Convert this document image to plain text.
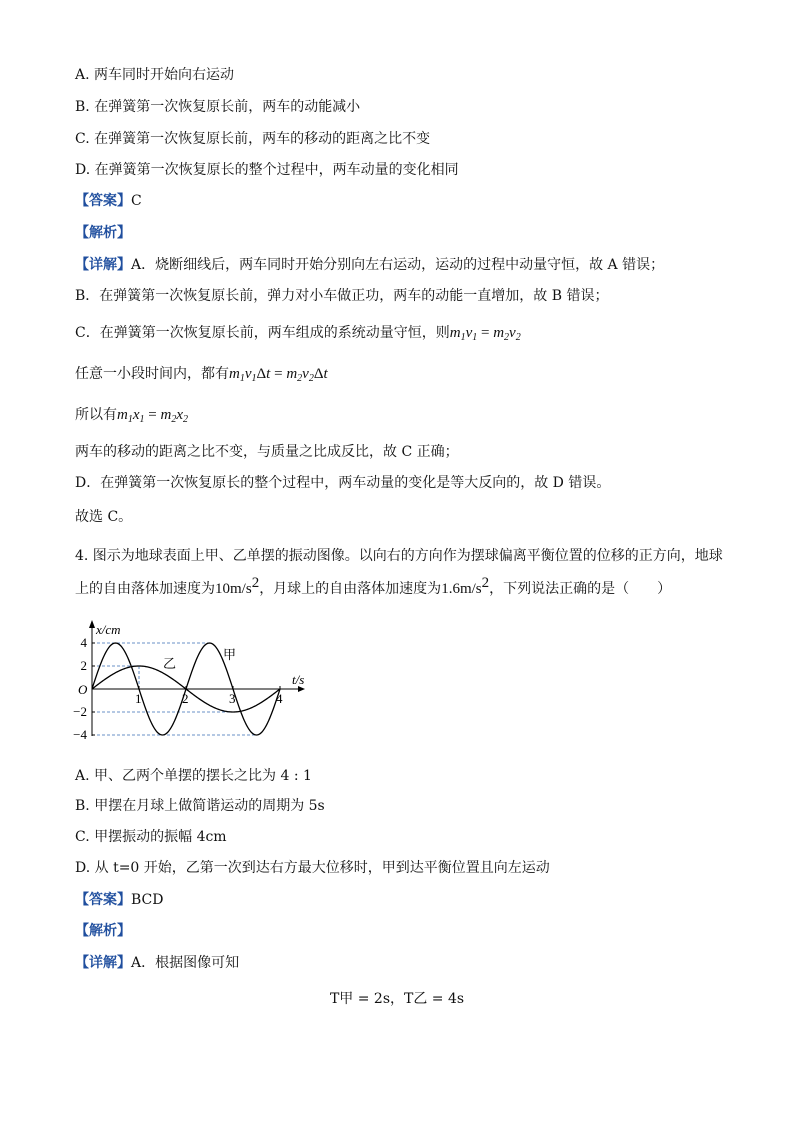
A. 两车同时开始向右运动
B. 在弹簧第一次恢复原长前，两车的动能减小
C. 在弹簧第一次恢复原长前，两车的移动的距离之比不变
D. 在弹簧第一次恢复原长的整个过程中，两车动量的变化相同
【答案】C
【解析】
【详解】A．烧断细线后，两车同时开始分别向左右运动，运动的过程中动量守恒，故 A 错误；
B．在弹簧第一次恢复原长前，弹力对小车做正功，两车的动能一直增加，故 B 错误；
C．在弹簧第一次恢复原长前，两车组成的系统动量守恒，则$m_1v_1 = m_2v_2$
任意一小段时间内，都有$m_1v_1\Delta t = m_2v_2\Delta t$
所以有$m_1x_1 = m_2x_2$
两车的移动的距离之比不变，与质量之比成反比，故 C 正确；
D．在弹簧第一次恢复原长的整个过程中，两车动量的变化是等大反向的，故 D 错误。
故选 C。
4. 图示为地球表面上甲、乙单摆的振动图像。以向右的方向作为摆球偏离平衡位置的位移的正方向，地球
上的自由落体加速度为$10m/s^2$，月球上的自由落体加速度为$1.6m/s^2$，下列说法正确的是（　　）
x/cm
t/s
O
4
2
−2
−4
1	2	3	4
甲
乙
A. 甲、乙两个单摆的摆长之比为 4 : 1
B. 甲摆在月球上做简谐运动的周期为 5s
C. 甲摆振动的振幅 4cm
D. 从 t=0 开始，乙第一次到达右方最大位移时，甲到达平衡位置且向左运动
【答案】BCD
【解析】
【详解】A．根据图像可知
T甲 = 2s，T乙 = 4s
